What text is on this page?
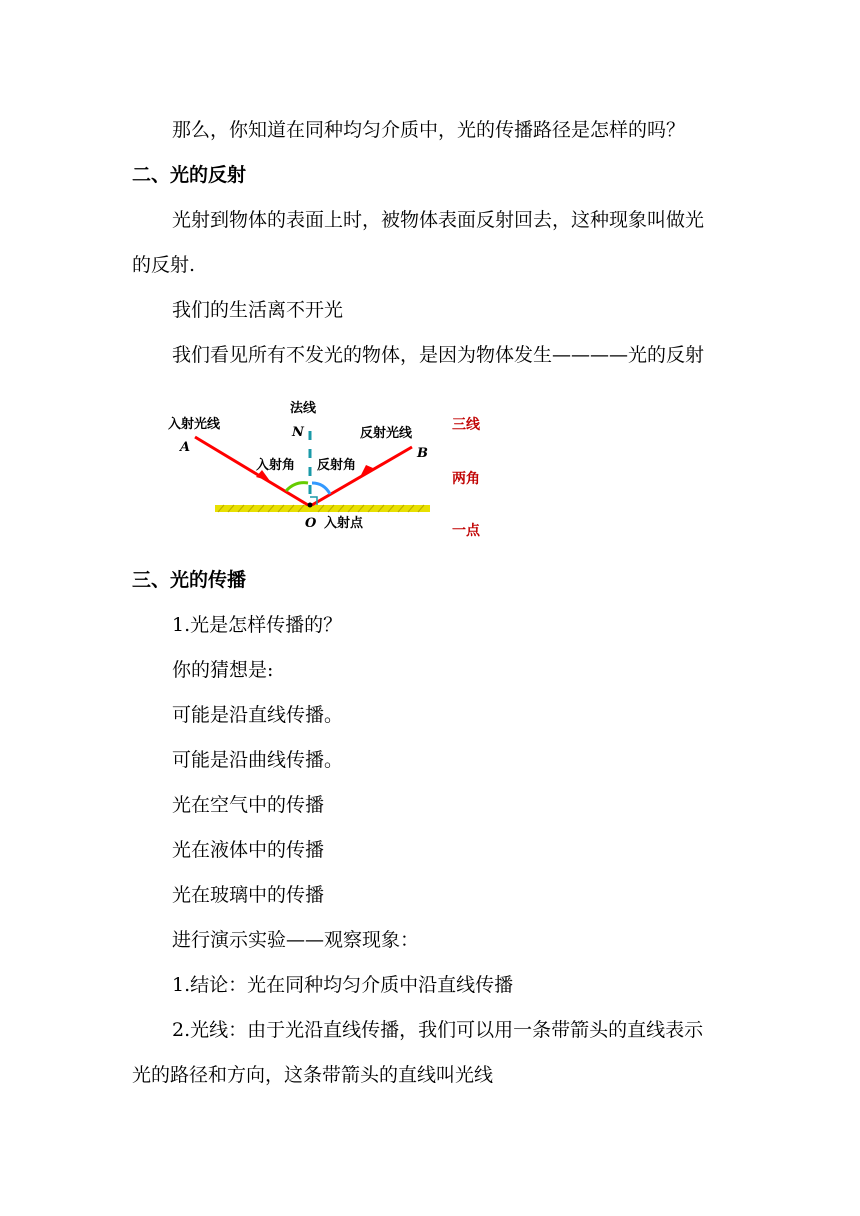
那么，你知道在同种均匀介质中，光的传播路径是怎样的吗？
二、光的反射
光射到物体的表面上时，被物体表面反射回去，这种现象叫做光
的反射.
我们的生活离不开光
我们看见所有不发光的物体，是因为物体发生————光的反射
入射光线
A
法线
N	反射光线
B
入射角 反射角
O 入射点
三线
两角
一点
三、光的传播
1.光是怎样传播的？
你的猜想是:
可能是沿直线传播。
可能是沿曲线传播。
光在空气中的传播
光在液体中的传播
光在玻璃中的传播
进行演示实验——观察现象：
1.结论：光在同种均匀介质中沿直线传播
2.光线：由于光沿直线传播，我们可以用一条带箭头的直线表示
光的路径和方向，这条带箭头的直线叫光线
